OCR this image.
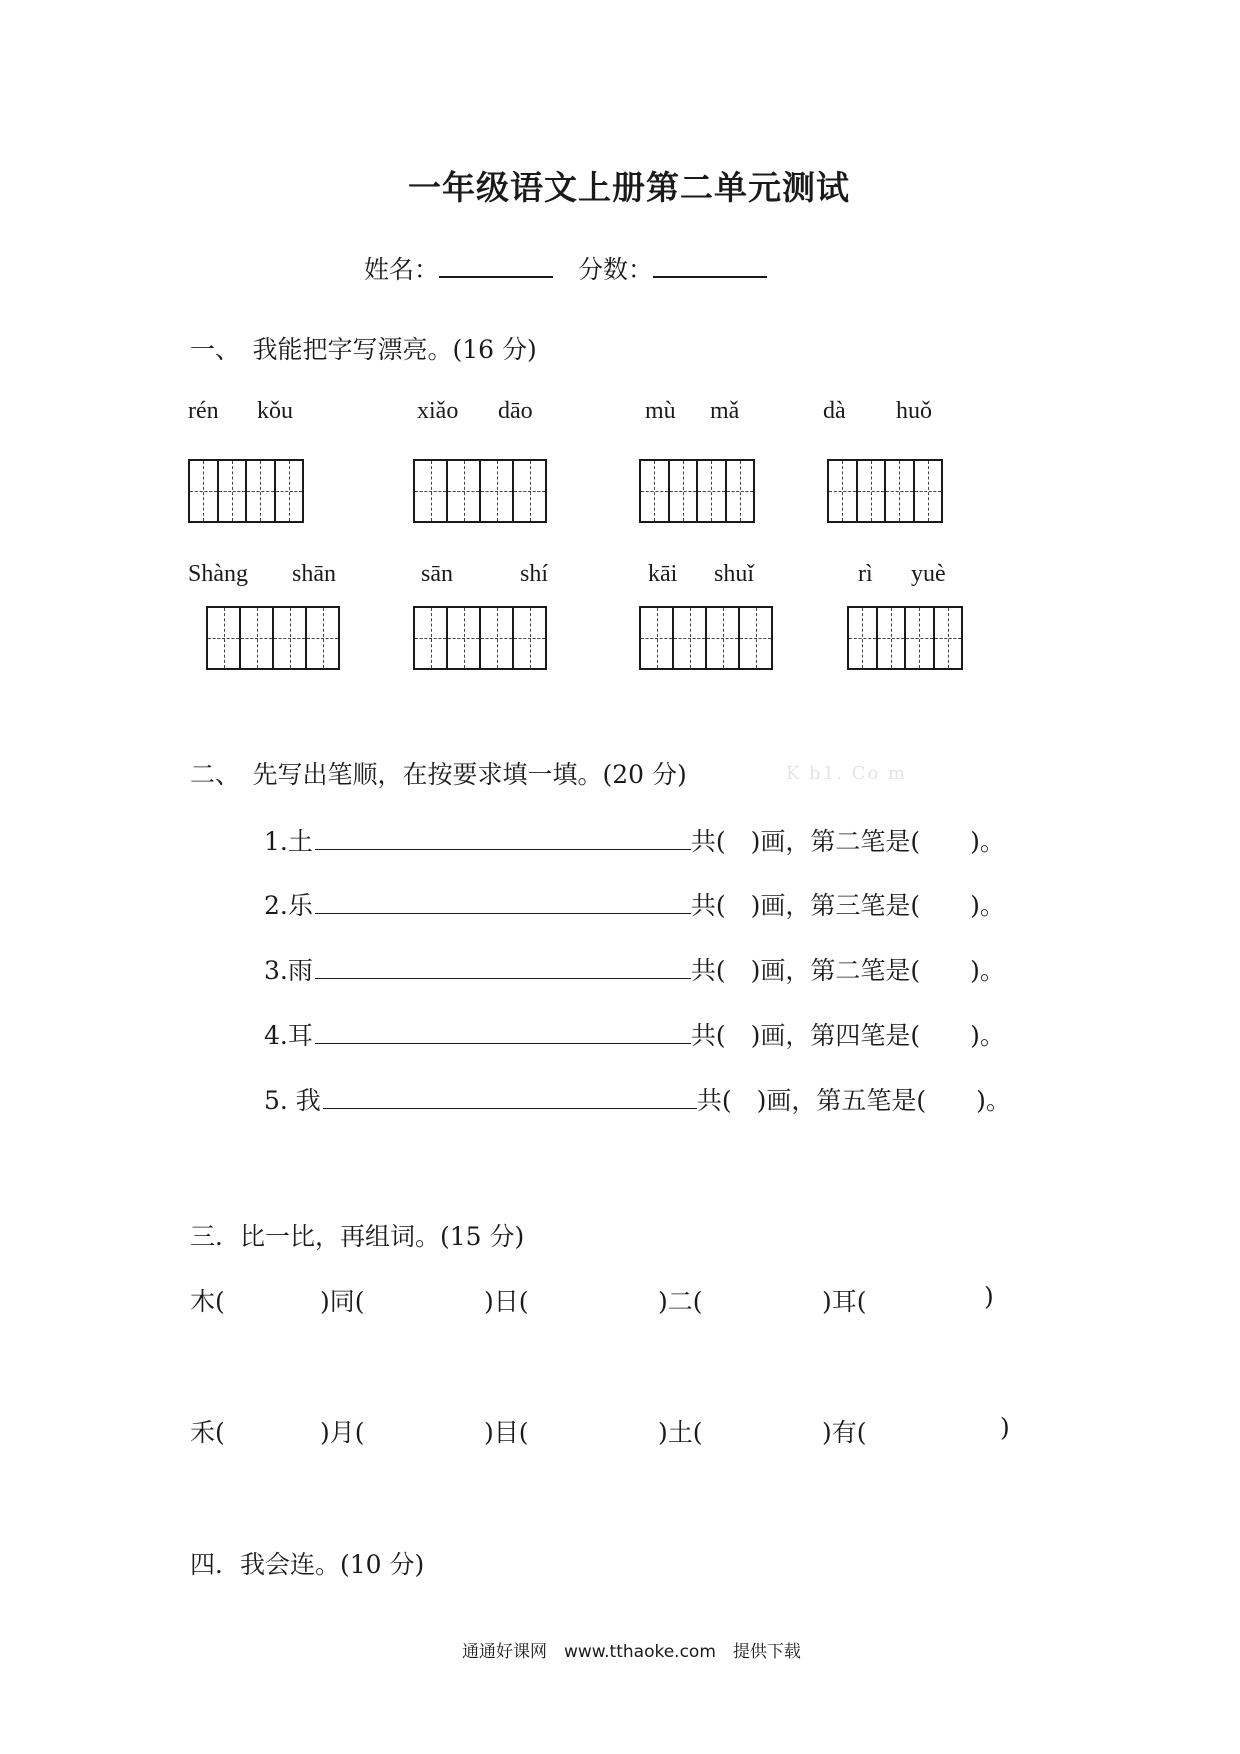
一年级语文上册第二单元测试
姓名：	分数：
一、　我能把字写漂亮。(16 分)
rén kǒu	xiǎo dāo	mù mǎ	dà huǒ
Shàng shān	sān	shí	kāi shuǐ	rì yuè
二、　先写出笔顺，在按要求填一填。(20 分)	K b1. Co m
1.土	共(　)画，第二笔是(　　)。
2.乐	共(　)画，第三笔是(　　)。
3.雨	共(　)画，第二笔是(　　)。
4.耳	共(　)画，第四笔是(　　)。
5. 我	共(　)画，第五笔是(　　)。
三．比一比，再组词。(15 分)
木(	)同(	)日(	)二(	)耳(	)
禾(	)月(	)目(	)土(	)有(	)
四．我会连。(10 分)
通通好课网　www.tthaoke.com　提供下载
